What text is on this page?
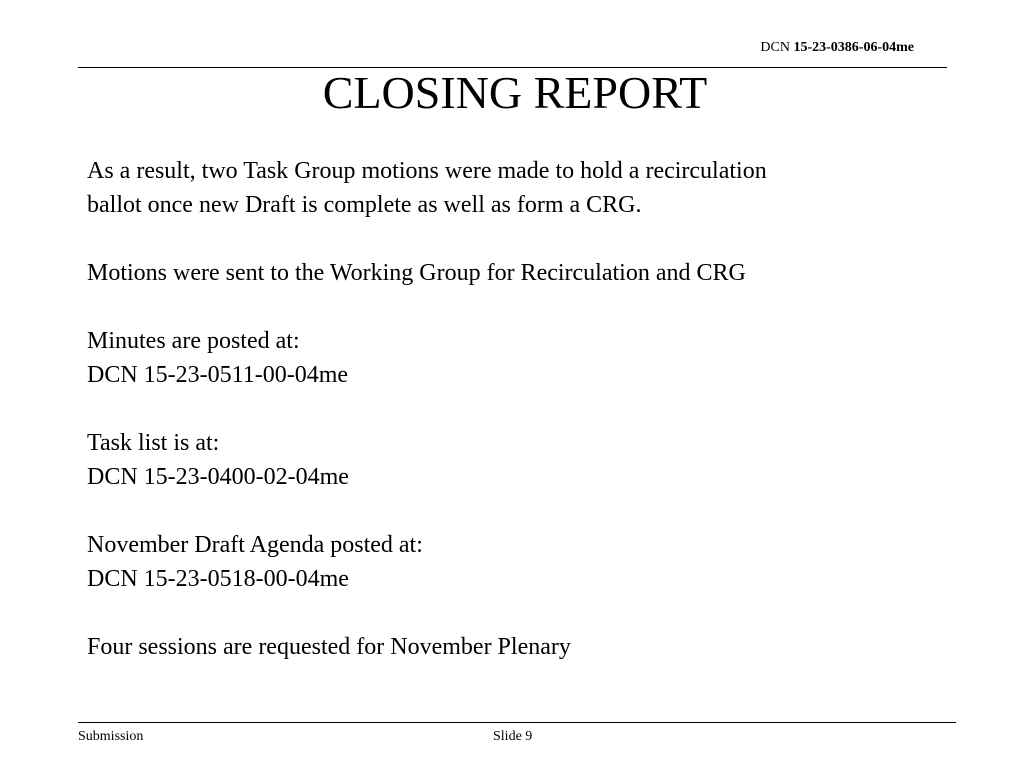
DCN 15-23-0386-06-04me
CLOSING REPORT

As a result, two Task Group motions were made to hold a recirculation
ballot once new Draft is complete as well as form a CRG.

Motions were sent to the Working Group for Recirculation and CRG

Minutes are posted at:
DCN 15-23-0511-00-04me

Task list is at:
DCN 15-23-0400-02-04me

November Draft Agenda posted at:
DCN 15-23-0518-00-04me

Four sessions are requested for November Plenary

Submission	Slide 9
